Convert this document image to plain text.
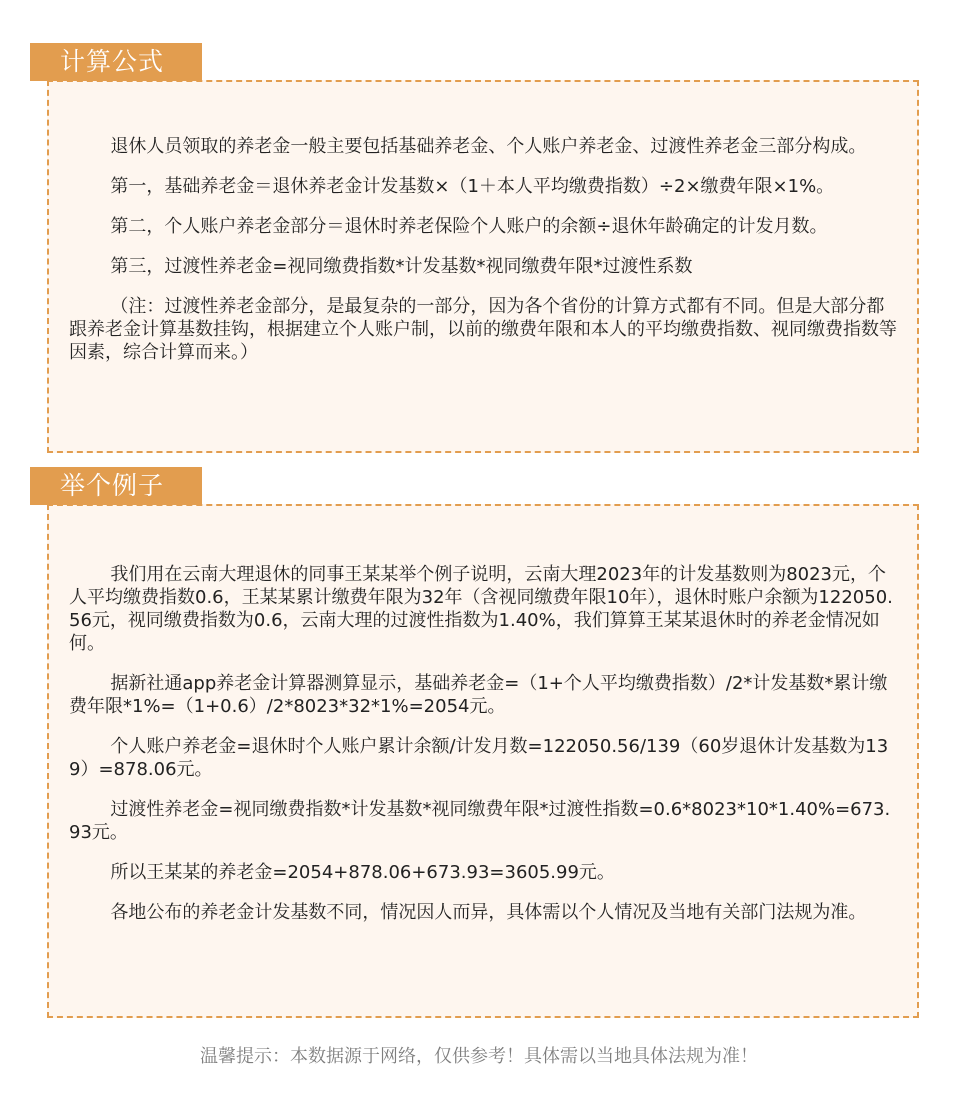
计算公式

退休人员领取的养老金一般主要包括基础养老金、个人账户养老金、过渡性养老金三部分构成。

第一，基础养老金＝退休养老金计发基数×（1＋本人平均缴费指数）÷2×缴费年限×1%。

第二，个人账户养老金部分＝退休时养老保险个人账户的余额÷退休年龄确定的计发月数。

第三，过渡性养老金=视同缴费指数*计发基数*视同缴费年限*过渡性系数

（注：过渡性养老金部分，是最复杂的一部分，因为各个省份的计算方式都有不同。但是大部分都跟养老金计算基数挂钩，根据建立个人账户制，以前的缴费年限和本人的平均缴费指数、视同缴费指数等因素，综合计算而来。）

举个例子

我们用在云南大理退休的同事王某某举个例子说明，云南大理2023年的计发基数则为8023元，个人平均缴费指数0.6，王某某累计缴费年限为32年（含视同缴费年限10年），退休时账户余额为122050.56元，视同缴费指数为0.6，云南大理的过渡性指数为1.40%，我们算算王某某退休时的养老金情况如何。

据新社通app养老金计算器测算显示，基础养老金=（1+个人平均缴费指数）/2*计发基数*累计缴费年限*1%=（1+0.6）/2*8023*32*1%=2054元。

个人账户养老金=退休时个人账户累计余额/计发月数=122050.56/139（60岁退休计发基数为139）=878.06元。

过渡性养老金=视同缴费指数*计发基数*视同缴费年限*过渡性指数=0.6*8023*10*1.40%=673.93元。

所以王某某的养老金=2054+878.06+673.93=3605.99元。

各地公布的养老金计发基数不同，情况因人而异，具体需以个人情况及当地有关部门法规为准。

温馨提示：本数据源于网络，仅供参考！具体需以当地具体法规为准！
